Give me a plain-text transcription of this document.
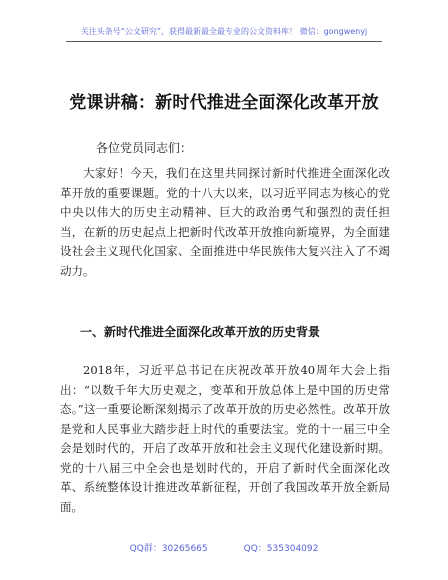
关注头条号“公文研究”，获得最新最全最专业的公文资料库！ 微信：gongwenyj
党课讲稿：新时代推进全面深化改革开放
各位党员同志们：
大家好！今天，我们在这里共同探讨新时代推进全面深化改革开放的重要课题。党的十八大以来，以习近平同志为核心的党中央以伟大的历史主动精神、巨大的政治勇气和强烈的责任担当，在新的历史起点上把新时代改革开放推向新境界，为全面建设社会主义现代化国家、全面推进中华民族伟大复兴注入了不竭动力。
一、新时代推进全面深化改革开放的历史背景
2018年，习近平总书记在庆祝改革开放40周年大会上指出：“以数千年大历史观之，变革和开放总体上是中国的历史常态。”这一重要论断深刻揭示了改革开放的历史必然性。改革开放是党和人民事业大踏步赶上时代的重要法宝。党的十一届三中全会是划时代的，开启了改革开放和社会主义现代化建设新时期。党的十八届三中全会也是划时代的，开启了新时代全面深化改革、系统整体设计推进改革新征程，开创了我国改革开放全新局面。
QQ群：30265665	QQ：535304092
